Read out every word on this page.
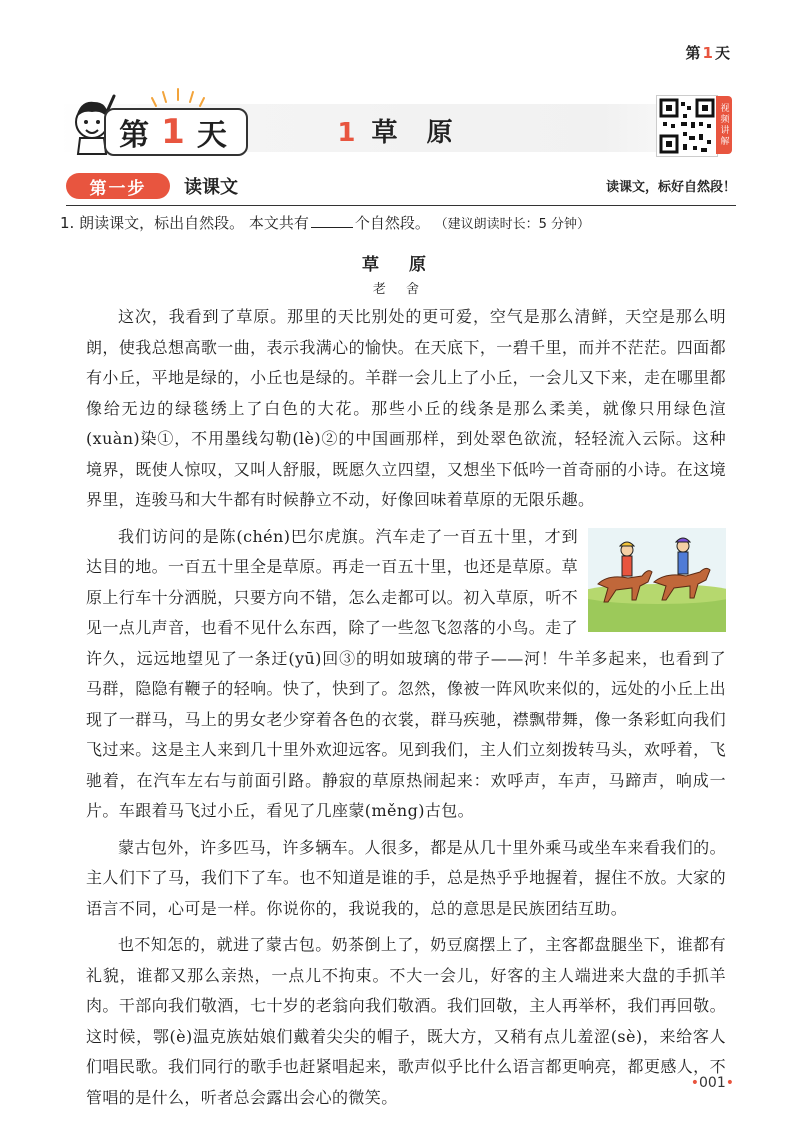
第 1 天
第 1 天	1 草 原	视频讲解
第一步	读课文	读课文，标好自然段！
1. 朗读课文，标出自然段。 本文共有	个自然段。 （建议朗读时长：5 分钟）
草 原
老 舍

这次，我看到了草原。那里的天比别处的更可爱，空气是那么清鲜，天空是那么明朗，使我总想高歌一曲，表示我满心的愉快。在天底下，一碧千里，而并不茫茫。四面都有小丘，平地是绿的，小丘也是绿的。羊群一会儿上了小丘，一会儿又下来，走在哪里都像给无边的绿毯绣上了白色的大花。那些小丘的线条是那么柔美，就像只用绿色渲(xuàn)染①，不用墨线勾勒(lè)②的中国画那样，到处翠色欲流，轻轻流入云际。这种境界，既使人惊叹，又叫人舒服，既愿久立四望，又想坐下低吟一首奇丽的小诗。在这境界里，连骏马和大牛都有时候静立不动，好像回味着草原的无限乐趣。

我们访问的是陈(chén)巴尔虎旗。汽车走了一百五十里，才到达目的地。一百五十里全是草原。再走一百五十里，也还是草原。草原上行车十分洒脱，只要方向不错，怎么走都可以。初入草原，听不见一点儿声音，也看不见什么东西，除了一些忽飞忽落的小鸟。走了许久，远远地望见了一条迂(yū)回③的明如玻璃的带子——河！牛羊多起来，也看到了马群，隐隐有鞭子的轻响。快了，快到了。忽然，像被一阵风吹来似的，远处的小丘上出现了一群马，马上的男女老少穿着各色的衣裳，群马疾驰，襟飘带舞，像一条彩虹向我们飞过来。这是主人来到几十里外欢迎远客。见到我们，主人们立刻拨转马头，欢呼着，飞驰着，在汽车左右与前面引路。静寂的草原热闹起来：欢呼声，车声，马蹄声，响成一片。车跟着马飞过小丘，看见了几座蒙(měng)古包。

蒙古包外，许多匹马，许多辆车。人很多，都是从几十里外乘马或坐车来看我们的。主人们下了马，我们下了车。也不知道是谁的手，总是热乎乎地握着，握住不放。大家的语言不同，心可是一样。你说你的，我说我的，总的意思是民族团结互助。

也不知怎的，就进了蒙古包。奶茶倒上了，奶豆腐摆上了，主客都盘腿坐下，谁都有礼貌，谁都又那么亲热，一点儿不拘束。不大一会儿，好客的主人端进来大盘的手抓羊肉。干部向我们敬酒，七十岁的老翁向我们敬酒。我们回敬，主人再举杯，我们再回敬。这时候，鄂(è)温克族姑娘们戴着尖尖的帽子，既大方，又稍有点儿羞涩(sè)，来给客人们唱民歌。我们同行的歌手也赶紧唱起来，歌声似乎比什么语言都更响亮，都更感人，不管唱的是什么，听者总会露出会心的微笑。

•001•
